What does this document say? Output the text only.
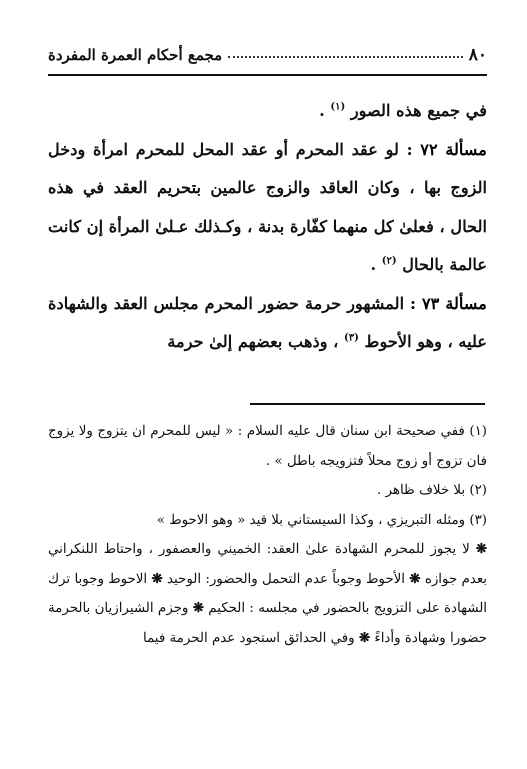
٨٠
مجمع أحكام العمرة المفردة

في جميع هذه الصور $^{(١)}$ .

مسألة ٧٢ : لو عقد المحرم أو عقد المحل للمحرم امرأة ودخل الزوج بها ، وكان العاقد والزوج عالمين بتحريم العقد في هذه الحال ، فعلىٰ كل منهما كفّارة بدنة ، وكـذلك عـلىٰ المرأة إن كانت عالمة بالحال $^{(٢)}$ .

مسألة ٧٣ : المشهور حرمة حضور المحرم مجلس العقد والشهادة عليه ، وهو الأحوط $^{(٣)}$ ، وذهب بعضهم إلىٰ حرمة

(١) ففي صحيحة ابن سنان قال عليه السلام : « ليس للمحرم ان يتزوج ولا يزوج فان تزوج أو زوج محلاً فتزويجه باطل » .

(٢) بلا خلاف ظاهر .

(٣) ومثله التبريزي ، وكذا السيستاني بلا قيد « وهو الاحوط »

❋ لا يجوز للمحرم الشهادة علىٰ العقد: الخميني والعصفور ، واحتاط اللنكراني بعدم جوازه ❋ الأحوط وجوباً عدم التحمل والحضور: الوحيد ❋ الاحوط وجوبا ترك الشهادة على التزويج بالحضور في مجلسه : الحكيم ❋ وجزم الشيرازيان بالحرمة حضورا وشهادة وأداءً ❋ وفي الحدائق استجود عدم الحرمة فيما
